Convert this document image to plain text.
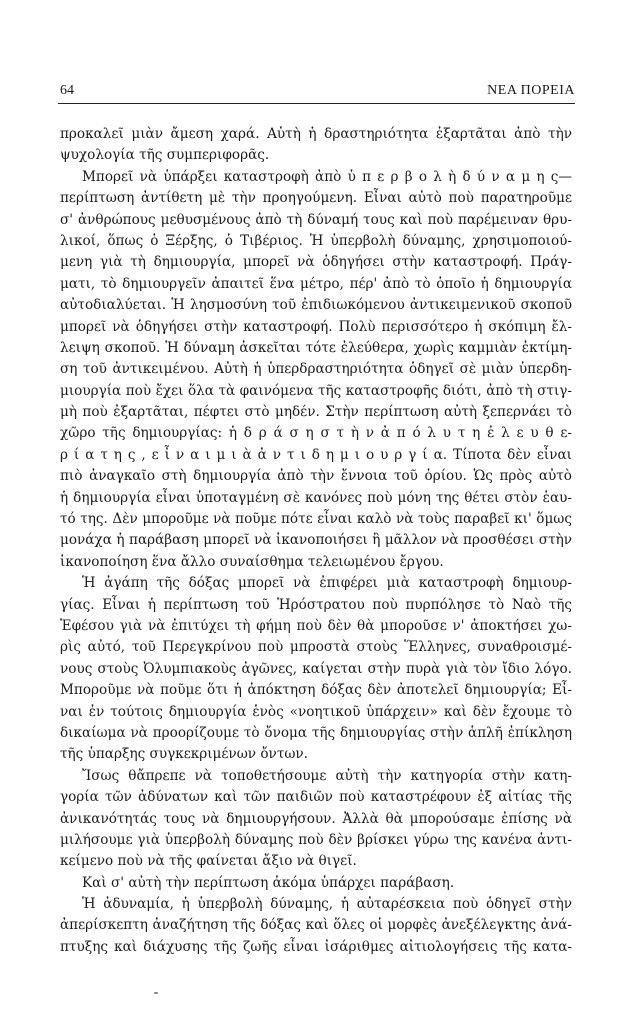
64	ΝΕΑ ΠΟΡΕΙΑ
προκαλεῖ μιὰν ἄμεση χαρά. Αὐτὴ ἡ δραστηριότητα ἐξαρτᾶται ἀπὸ τὴν
ψυχολογία τῆς συμπεριφορᾶς.
Μπορεῖ νὰ ὑπάρξει καταστροφὴ ἀπὸ ὑ π ε ρ β ο λ ὴ δ ύ ν α μ η ς—
περίπτωση ἀντίθετη μὲ τὴν προηγούμενη. Εἶναι αὐτὸ ποὺ παρατηροῦμε
σ' ἀνθρώπους μεθυσμένους ἀπὸ τὴ δύναμή τους καὶ ποὺ παρέμειναν θρυ-
λικοί, ὅπως ὁ Ξέρξης, ὁ Τιβέριος. Ἡ ὑπερβολὴ δύναμης, χρησιμοποιού-
μενη γιὰ τὴ δημιουργία, μπορεῖ νὰ ὁδηγήσει στὴν καταστροφή. Πράγ-
ματι, τὸ δημιουργεῖν ἀπαιτεῖ ἕνα μέτρο, πέρ' ἀπὸ τὸ ὁποῖο ἡ δημιουργία
αὐτοδιαλύεται. Ἡ λησμοσύνη τοῦ ἐπιδιωκόμενου ἀντικειμενικοῦ σκοποῦ
μπορεῖ νὰ ὁδηγήσει στὴν καταστροφή. Πολὺ περισσότερο ἡ σκόπιμη ἔλ-
λειψη σκοποῦ. Ἡ δύναμη ἀσκεῖται τότε ἐλεύθερα, χωρὶς καμμιὰν ἐκτίμη-
ση τοῦ ἀντικειμένου. Αὐτὴ ἡ ὑπερδραστηριότητα ὁδηγεῖ σὲ μιὰν ὑπερδη-
μιουργία ποὺ ἔχει ὅλα τὰ φαινόμενα τῆς καταστροφῆς διότι, ἀπὸ τὴ στιγ-
μὴ ποὺ ἐξαρτᾶται, πέφτει στὸ μηδέν. Στὴν περίπτωση αὐτὴ ξεπερνάει τὸ
χῶρο τῆς δημιουργίας: ἡ δ ρ ά σ η σ τ ὴ ν ἀ π ό λ υ τ η ἐ λ ε υ θ ε-
ρ ί α τ η ς , ε ἶ ν α ι μ ι ὰ ἀ ν τ ι δ η μ ι ο υ ρ γ ί α. Τίποτα δὲν εἶναι
πιὸ ἀναγκαῖο στὴ δημιουργία ἀπὸ τὴν ἔννοια τοῦ ὁρίου. Ὡς πρὸς αὐτὸ
ἡ δημιουργία εἶναι ὑποταγμένη σὲ κανόνες ποὺ μόνη της θέτει στὸν ἑαυ-
τό της. Δὲν μποροῦμε νὰ ποῦμε πότε εἶναι καλὸ νὰ τοὺς παραβεῖ κι' ὅμως
μονάχα ἡ παράβαση μπορεῖ νὰ ἱκανοποιήσει ἢ μᾶλλον νὰ προσθέσει στὴν
ἱκανοποίηση ἕνα ἄλλο συναίσθημα τελειωμένου ἔργου.
Ἡ ἀγάπη τῆς δόξας μπορεῖ νὰ ἐπιφέρει μιὰ καταστροφὴ δημιουρ-
γίας. Εἶναι ἡ περίπτωση τοῦ Ἡρόστρατου ποὺ πυρπόλησε τὸ Ναὸ τῆς
Ἐφέσου γιὰ νὰ ἐπιτύχει τὴ φήμη ποὺ δὲν θὰ μποροῦσε ν' ἀποκτήσει χω-
ρὶς αὐτό, τοῦ Περεγκρίνου ποὺ μπροστὰ στοὺς Ἕλληνες, συναθροισμέ-
νους στοὺς Ὀλυμπιακοὺς ἀγῶνες, καίγεται στὴν πυρὰ γιὰ τὸν ἴδιο λόγο.
Μποροῦμε νὰ ποῦμε ὅτι ἡ ἀπόκτηση δόξας δὲν ἀποτελεῖ δημιουργία; Εἶ-
ναι ἐν τούτοις δημιουργία ἑνὸς «νοητικοῦ ὑπάρχειν» καὶ δὲν ἔχουμε τὸ
δικαίωμα νὰ προορίζουμε τὸ ὄνομα τῆς δημιουργίας στὴν ἁπλῆ ἐπίκληση
τῆς ὑπαρξης συγκεκριμένων ὄντων.
Ἴσως θἄπρεπε νὰ τοποθετήσουμε αὐτὴ τὴν κατηγορία στὴν κατη-
γορία τῶν ἀδύνατων καὶ τῶν παιδιῶν ποὺ καταστρέφουν ἐξ αἰτίας τῆς
ἀνικανότητάς τους νὰ δημιουργήσουν. Ἀλλὰ θὰ μπορούσαμε ἐπίσης νὰ
μιλήσουμε γιὰ ὑπερβολὴ δύναμης ποὺ δὲν βρίσκει γύρω της κανένα ἀντι-
κείμενο ποὺ νὰ τῆς φαίνεται ἄξιο νὰ θιγεῖ.
Καὶ σ' αὐτὴ τὴν περίπτωση ἀκόμα ὑπάρχει παράβαση.
Ἡ ἀδυναμία, ἡ ὑπερβολὴ δύναμης, ἡ αὐταρέσκεια ποὺ ὁδηγεῖ στὴν
ἀπερίσκεπτη ἀναζήτηση τῆς δόξας καὶ ὅλες οἱ μορφὲς ἀνεξέλεγκτης ἀνά-
πτυξης καὶ διάχυσης τῆς ζωῆς εἶναι ἰσάριθμες αἰτιολογήσεις τῆς κατα-
